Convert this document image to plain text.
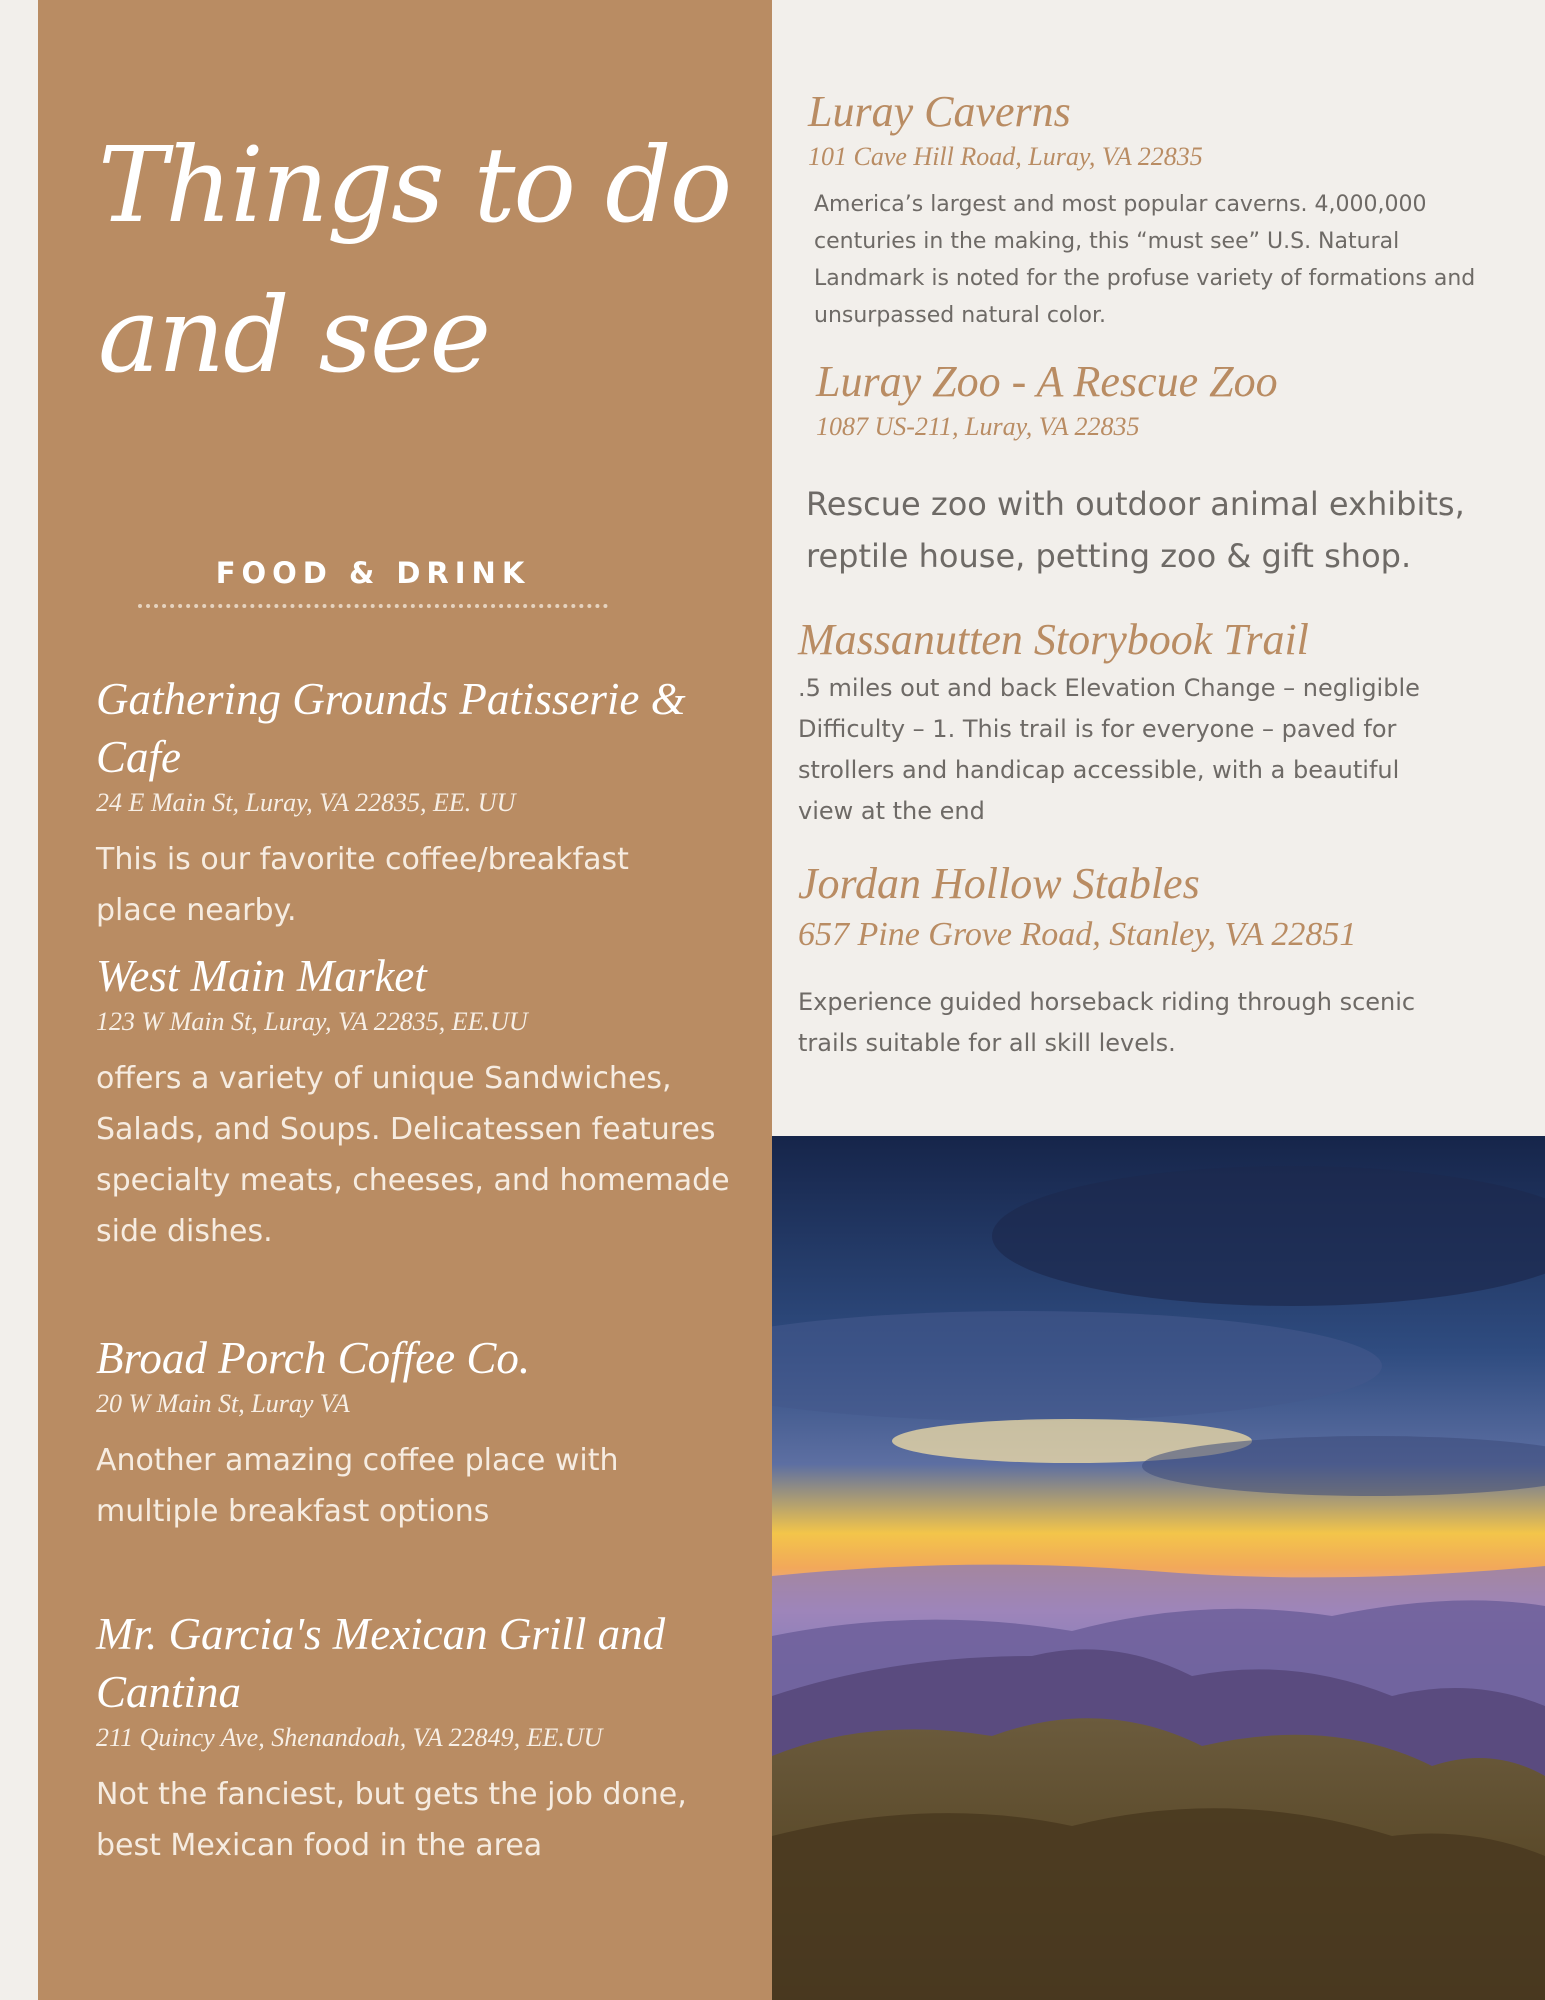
Things to do and see
FOOD & DRINK

Gathering Grounds Patisserie & Cafe

24 E Main St, Luray, VA 22835, EE. UU

This is our favorite coffee/breakfast place nearby.

West Main Market

123 W Main St, Luray, VA 22835, EE.UU

offers a variety of unique Sandwiches, Salads, and Soups. Delicatessen features specialty meats, cheeses, and homemade side dishes.

Broad Porch Coffee Co.

20 W Main St, Luray VA

Another amazing coffee place with multiple breakfast options

Mr. Garcia's Mexican Grill and Cantina

211 Quincy Ave, Shenandoah, VA 22849, EE.UU

Not the fanciest, but gets the job done, best Mexican food in the area

Luray Caverns

101 Cave Hill Road, Luray, VA 22835

America’s largest and most popular caverns. 4,000,000 centuries in the making, this “must see” U.S. Natural Landmark is noted for the profuse variety of formations and unsurpassed natural color.

Luray Zoo - A Rescue Zoo

1087 US-211, Luray, VA 22835

Rescue zoo with outdoor animal exhibits, reptile house, petting zoo & gift shop.

Massanutten Storybook Trail

.5 miles out and back Elevation Change – negligible Difficulty – 1. This trail is for everyone – paved for strollers and handicap accessible, with a beautiful view at the end

Jordan Hollow Stables

657 Pine Grove Road, Stanley, VA 22851

Experience guided horseback riding through scenic trails suitable for all skill levels.
